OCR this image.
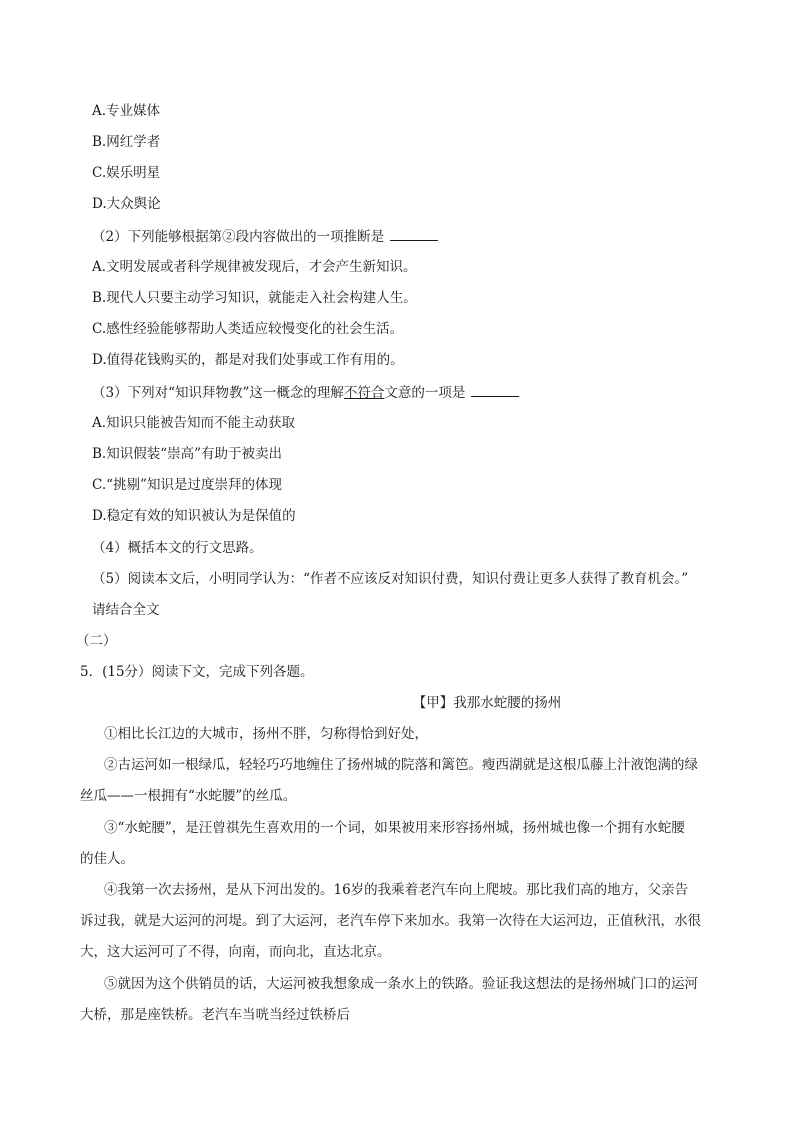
A.专业媒体
B.网红学者
C.娱乐明星
D.大众舆论
（2）下列能够根据第②段内容做出的一项推断是
A.文明发展或者科学规律被发现后，才会产生新知识。
B.现代人只要主动学习知识，就能走入社会构建人生。
C.感性经验能够帮助人类适应较慢变化的社会生活。
D.值得花钱购买的，都是对我们处事或工作有用的。
（3）下列对“知识拜物教”这一概念的理解不符合文意的一项是
A.知识只能被告知而不能主动获取
B.知识假装“崇高”有助于被卖出
C.“挑剔”知识是过度崇拜的体现
D.稳定有效的知识被认为是保值的
（4）概括本文的行文思路。
（5）阅读本文后，小明同学认为：“作者不应该反对知识付费，知识付费让更多人获得了教育机会。”
请结合全文
（二）
5．(15分）阅读下文，完成下列各题。
【甲】我那水蛇腰的扬州
①相比长江边的大城市，扬州不胖，匀称得恰到好处，
②古运河如一根绿瓜，轻轻巧巧地缠住了扬州城的院落和篱笆。瘦西湖就是这根瓜藤上汁液饱满的绿
丝瓜——一根拥有“水蛇腰”的丝瓜。
③“水蛇腰”，是汪曾祺先生喜欢用的一个词，如果被用来形容扬州城，扬州城也像一个拥有水蛇腰
的佳人。
④我第一次去扬州，是从下河出发的。16岁的我乘着老汽车向上爬坡。那比我们高的地方，父亲告
诉过我，就是大运河的河堤。到了大运河，老汽车停下来加水。我第一次待在大运河边，正值秋汛，水很
大，这大运河可了不得，向南，而向北，直达北京。
⑤就因为这个供销员的话，大运河被我想象成一条水上的铁路。验证我这想法的是扬州城门口的运河
大桥，那是座铁桥。老汽车当咣当经过铁桥后
